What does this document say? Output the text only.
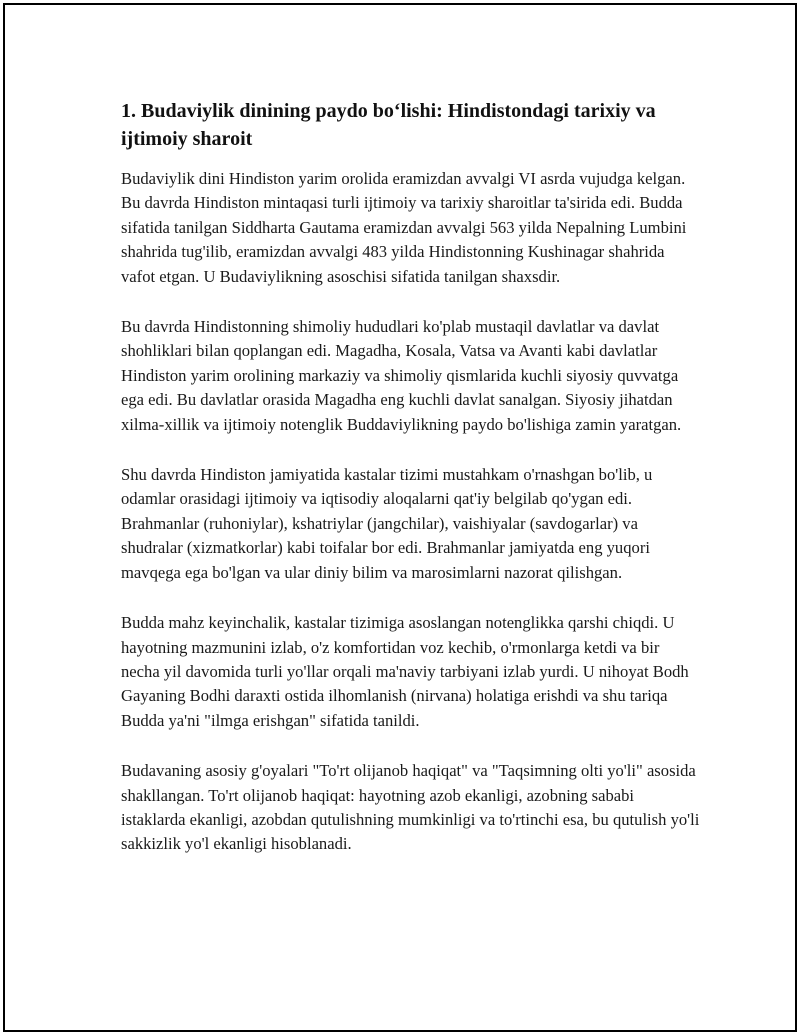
1. Budaviylik dinining paydo bo‘lishi: Hindistondagi tarixiy va ijtimoiy sharoit

Budaviylik dini Hindiston yarim orolida eramizdan avvalgi VI asrda vujudga kelgan. Bu davrda Hindiston mintaqasi turli ijtimoiy va tarixiy sharoitlar ta'sirida edi. Budda sifatida tanilgan Siddharta Gautama eramizdan avvalgi 563 yilda Nepalning Lumbini shahrida tug'ilib, eramizdan avvalgi 483 yilda Hindistonning Kushinagar shahrida vafot etgan. U Budaviylikning asoschisi sifatida tanilgan shaxsdir.

Bu davrda Hindistonning shimoliy hududlari ko'plab mustaqil davlatlar va davlat shohliklari bilan qoplangan edi. Magadha, Kosala, Vatsa va Avanti kabi davlatlar Hindiston yarim orolining markaziy va shimoliy qismlarida kuchli siyosiy quvvatga ega edi. Bu davlatlar orasida Magadha eng kuchli davlat sanalgan. Siyosiy jihatdan xilma-xillik va ijtimoiy notenglik Buddaviylikning paydo bo'lishiga zamin yaratgan.

Shu davrda Hindiston jamiyatida kastalar tizimi mustahkam o'rnashgan bo'lib, u odamlar orasidagi ijtimoiy va iqtisodiy aloqalarni qat'iy belgilab qo'ygan edi. Brahmanlar (ruhoniylar), kshatriylar (jangchilar), vaishiyalar (savdogarlar) va shudralar (xizmatkorlar) kabi toifalar bor edi. Brahmanlar jamiyatda eng yuqori mavqega ega bo'lgan va ular diniy bilim va marosimlarni nazorat qilishgan.

Budda mahz keyinchalik, kastalar tizimiga asoslangan notenglikka qarshi chiqdi. U hayotning mazmunini izlab, o'z komfortidan voz kechib, o'rmonlarga ketdi va bir necha yil davomida turli yo'llar orqali ma'naviy tarbiyani izlab yurdi. U nihoyat Bodh Gayaning Bodhi daraxti ostida ilhomlanish (nirvana) holatiga erishdi va shu tariqa Budda ya'ni "ilmga erishgan" sifatida tanildi.

Budavaning asosiy g'oyalari "To'rt olijanob haqiqat" va "Taqsimning olti yo'li" asosida shakllangan. To'rt olijanob haqiqat: hayotning azob ekanligi, azobning sababi istaklarda ekanligi, azobdan qutulishning mumkinligi va to'rtinchi esa, bu qutulish yo'li sakkizlik yo'l ekanligi hisoblanadi.
